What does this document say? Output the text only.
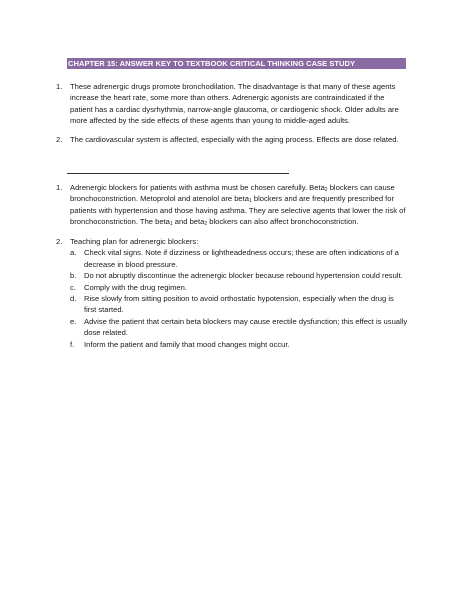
CHAPTER 15: ANSWER KEY TO TEXTBOOK CRITICAL THINKING CASE STUDY
1.	These adrenergic drugs promote bronchodilation. The disadvantage is that many of these agents
increase the heart rate, some more than others. Adrenergic agonists are contraindicated if the
patient has a cardiac dysrhythmia, narrow-angle glaucoma, or cardiogenic shock. Older adults are
more affected by the side effects of these agents than young to middle-aged adults.
2.	The cardiovascular system is affected, especially with the aging process. Effects are dose related.
1.	Adrenergic blockers for patients with asthma must be chosen carefully. Beta$_2$ blockers can cause
bronchoconstriction. Metoprolol and atenolol are beta$_1$ blockers and are frequently prescribed for
patients with hypertension and those having asthma. They are selective agents that lower the risk of
bronchoconstriction. The beta$_1$ and beta$_2$ blockers can also affect bronchoconstriction.
2.	Teaching plan for adrenergic blockers:
a.	Check vital signs. Note if dizziness or lightheadedness occurs; these are often indications of a
decrease in blood pressure.
b.	Do not abruptly discontinue the adrenergic blocker because rebound hypertension could result.
c.	Comply with the drug regimen.
d.	Rise slowly from sitting position to avoid orthostatic hypotension, especially when the drug is
first started.
e.	Advise the patient that certain beta blockers may cause erectile dysfunction; this effect is usually
dose related.
f.	Inform the patient and family that mood changes might occur.
